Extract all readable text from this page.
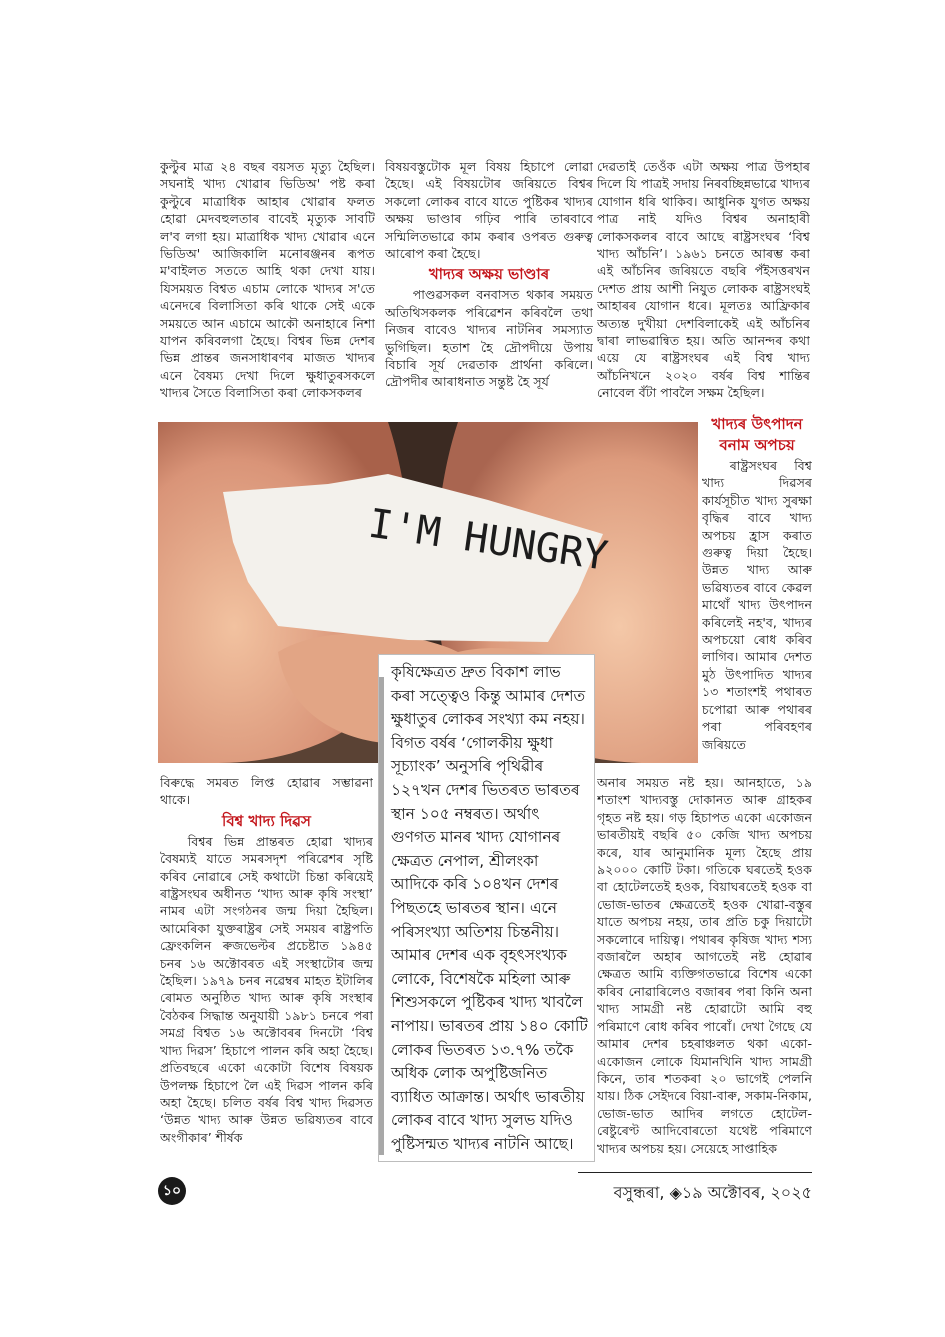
কুল্টুৰ মাত্ৰ ২৪ বছৰ বয়সত মৃত্যু হৈছিল। সঘনাই খাদ্য খোৱাৰ ভিডিঅ' পষ্ট কৰা কুল্টুৰে মাত্ৰাধিক আহাৰ খোৱাৰ ফলত হোৱা মেদবহুলতাৰ বাবেই মৃত্যুক সাবটি ল'ব লগা হয়। মাত্ৰাধিক খাদ্য খোৱাৰ এনে ভিডিঅ' আজিকালি মনোৰঞ্জনৰ ৰূপত ম'বাইলত সততে আহি থকা দেখা যায়। যিসময়ত বিশ্বত এচাম লোকে খাদ্যৰ স'তে এনেদৰে বিলাসিতা কৰি থাকে সেই একে সময়তে আন এচামে আকৌ অনাহাৰে নিশা যাপন কৰিবলগা হৈছে। বিশ্বৰ ভিন্ন দেশৰ ভিন্ন প্ৰান্তৰ জনসাধাৰণৰ মাজত খাদ্যৰ এনে বৈষম্য দেখা দিলে ক্ষুধাতুৰসকলে খাদ্যৰ সৈতে বিলাসিতা কৰা লোকসকলৰ

বিষয়বস্তুটোক মূল বিষয় হিচাপে লোৱা হৈছে। এই বিষয়টোৰ জৰিয়তে বিশ্বৰ সকলো লোকৰ বাবে যাতে পুষ্টিকৰ খাদ্যৰ অক্ষয় ভাণ্ডাৰ গঢ়িব পাৰি তাৰবাবে সন্মিলিতভাৱে কাম কৰাৰ ওপৰত গুৰুত্ব আৰোপ কৰা হৈছে।

খাদ্যৰ অক্ষয় ভাণ্ডাৰ

পাণ্ডৱসকল বনবাসত থকাৰ সময়ত অতিথিসকলক পৰিৱেশন কৰিবলৈ তথা নিজৰ বাবেও খাদ্যৰ নাটনিৰ সমস্যাত ভুগিছিল। হতাশ হৈ দ্ৰৌপদীয়ে উপায় বিচাৰি সূৰ্য দেৱতাক প্ৰাৰ্থনা কৰিলে। দ্ৰৌপদীৰ আৰাধনাত সন্তুষ্ট হৈ সূৰ্য

দেৱতাই তেওঁক এটা অক্ষয় পাত্ৰ উপহাৰ দিলে যি পাত্ৰই সদায় নিৰবচ্ছিন্নভাৱে খাদ্যৰ যোগান ধৰি থাকিব। আধুনিক যুগত অক্ষয় পাত্ৰ নাই যদিও বিশ্বৰ অনাহাৰী লোকসকলৰ বাবে আছে ৰাষ্ট্ৰসংঘৰ ‘বিশ্ব খাদ্য আঁচনি’। ১৯৬১ চনতে আৰম্ভ কৰা এই আঁচনিৰ জৰিয়তে বছৰি পঁইসত্তৰখন দেশত প্ৰায় আশী নিযুত লোকক ৰাষ্ট্ৰসংঘই আহাৰৰ যোগান ধৰে। মূলতঃ আফ্ৰিকাৰ অত্যন্ত দুখীয়া দেশবিলাকেই এই আঁচনিৰ দ্বাৰা লাভৱান্বিত হয়। অতি আনন্দৰ কথা এয়ে যে ৰাষ্ট্ৰসংঘৰ এই বিশ্ব খাদ্য আঁচনিখনে ২০২০ বৰ্ষৰ বিশ্ব শান্তিৰ নোবেল বঁটা পাবলৈ সক্ষম হৈছিল।

I'M HUNGRY
খাদ্যৰ উৎপাদন বনাম অপচয়

ৰাষ্ট্ৰসংঘৰ বিশ্ব খাদ্য দিৱসৰ কাৰ্যসূচীত খাদ্য সুৰক্ষা বৃদ্ধিৰ বাবে খাদ্য অপচয় হ্ৰাস কৰাত গুৰুত্ব দিয়া হৈছে। উন্নত খাদ্য আৰু ভৱিষ্যতৰ বাবে কেৱল মাথোঁ খাদ্য উৎপাদন কৰিলেই নহ'ব, খাদ্যৰ অপচয়ো ৰোধ কৰিব লাগিব। আমাৰ দেশত মুঠ উৎপাদিত খাদ্যৰ ১৩ শতাংশই পথাৰত চপোৱা আৰু পথাৰৰ পৰা পৰিবহণৰ জৰিয়তে

কৃষিক্ষেত্ৰত দ্ৰুত বিকাশ লাভ কৰা সত্ত্বেও কিন্তু আমাৰ দেশত ক্ষুধাতুৰ লোকৰ সংখ্যা কম নহয়। বিগত বৰ্ষৰ ‘গোলকীয় ক্ষুধা সূচ্যাংক’ অনুসৰি পৃথিৱীৰ ১২৭খন দেশৰ ভিতৰত ভাৰতৰ স্থান ১০৫ নম্বৰত। অৰ্থাৎ গুণগত মানৰ খাদ্য যোগানৰ ক্ষেত্ৰত নেপাল, শ্ৰীলংকা আদিকে কৰি ১০৪খন দেশৰ পিছতহে ভাৰতৰ স্থান। এনে পৰিসংখ্যা অতিশয় চিন্তনীয়। আমাৰ দেশৰ এক বৃহৎসংখ্যক লোকে, বিশেষকৈ মহিলা আৰু শিশুসকলে পুষ্টিকৰ খাদ্য খাবলৈ নাপায়। ভাৰতৰ প্ৰায় ১৪০ কোটি লোকৰ ভিতৰত ১৩.৭% তকৈ অধিক লোক অপুষ্টিজনিত ব্যাধিত আক্ৰান্ত। অৰ্থাৎ ভাৰতীয় লোকৰ বাবে খাদ্য সুলভ যদিও পুষ্টিসন্মত খাদ্যৰ নাটনি আছে।

বিৰুদ্ধে সমৰত লিপ্ত হোৱাৰ সম্ভাৱনা থাকে।

বিশ্ব খাদ্য দিৱস

বিশ্বৰ ভিন্ন প্ৰান্তৰত হোৱা খাদ্যৰ বৈষম্যই যাতে সমৰসদৃশ পৰিৱেশৰ সৃষ্টি কৰিব নোৱাৰে সেই কথাটো চিন্তা কৰিয়েই ৰাষ্ট্ৰসংঘৰ অধীনত ‘খাদ্য আৰু কৃষি সংস্থা’ নামৰ এটা সংগঠনৰ জন্ম দিয়া হৈছিল। আমেৰিকা যুক্তৰাষ্ট্ৰৰ সেই সময়ৰ ৰাষ্ট্ৰপতি ফ্ৰেংকলিন ৰুজভেল্টৰ প্ৰচেষ্টাত ১৯৪৫ চনৰ ১৬ অক্টোবৰত এই সংস্থাটোৰ জন্ম হৈছিল। ১৯৭৯ চনৰ নৱেম্বৰ মাহত ইটালিৰ ৰোমত অনুষ্ঠিত খাদ্য আৰু কৃষি সংস্থাৰ বৈঠকৰ সিদ্ধান্ত অনুযায়ী ১৯৮১ চনৰে পৰা সমগ্ৰ বিশ্বত ১৬ অক্টোবৰৰ দিনটো ‘বিশ্ব খাদ্য দিৱস’ হিচাপে পালন কৰি অহা হৈছে। প্ৰতিবছৰে একো একোটা বিশেষ বিষয়ক উপলক্ষ হিচাপে লৈ এই দিৱস পালন কৰি অহা হৈছে। চলিত বৰ্ষৰ বিশ্ব খাদ্য দিৱসত ‘উন্নত খাদ্য আৰু উন্নত ভৱিষ্যতৰ বাবে অংগীকাৰ’ শীৰ্ষক

অনাৰ সময়ত নষ্ট হয়। আনহাতে, ১৯ শতাংশ খাদ্যবস্তু দোকানত আৰু গ্ৰাহকৰ গৃহত নষ্ট হয়। গড় হিচাপত একো একোজন ভাৰতীয়ই বছৰি ৫০ কেজি খাদ্য অপচয় কৰে, যাৰ আনুমানিক মূল্য হৈছে প্ৰায় ৯২০০০ কোটি টকা। গতিকে ঘৰতেই হওক বা হোটেলতেই হওক, বিয়াঘৰতেই হওক বা ভোজ-ভাতৰ ক্ষেত্ৰতেই হওক খোৱা-বস্তুৰ যাতে অপচয় নহয়, তাৰ প্ৰতি চকু দিয়াটো সকলোৰে দায়িত্ব। পথাৰৰ কৃষিজ খাদ্য শস্য বজাৰলৈ অহাৰ আগতেই নষ্ট হোৱাৰ ক্ষেত্ৰত আমি ব্যক্তিগতভাৱে বিশেষ একো কৰিব নোৱাৰিলেও বজাৰৰ পৰা কিনি অনা খাদ্য সামগ্ৰী নষ্ট হোৱাটো আমি বহু পৰিমাণে ৰোধ কৰিব পাৰোঁ। দেখা গৈছে যে আমাৰ দেশৰ চহৰাঞ্চলত থকা একো-একোজন লোকে যিমানখিনি খাদ্য সামগ্ৰী কিনে, তাৰ শতকৰা ২০ ভাগেই পেলনি যায়। ঠিক সেইদৰে বিয়া-বাৰু, সকাম-নিকাম, ভোজ-ভাত আদিৰ লগতে হোটেল-ৰেষ্টুৰেণ্ট আদিবোৰতো যথেষ্ট পৰিমাণে খাদ্যৰ অপচয় হয়। সেয়েহে সাপ্তাহিক

১০	বসুন্ধৰা, ◈১৯ অক্টোবৰ, ২০২৫
